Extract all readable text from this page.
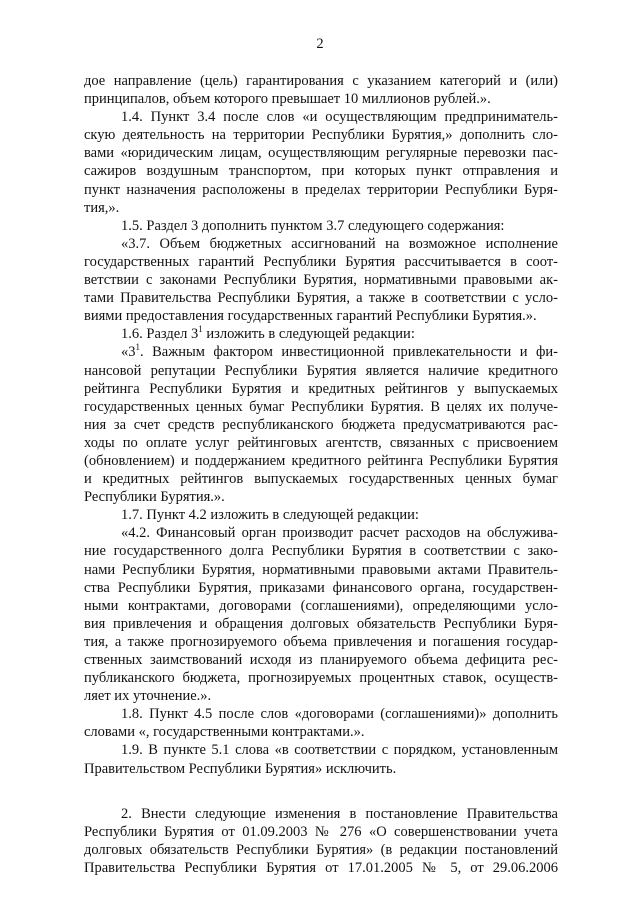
2
дое направление (цель) гарантирования с указанием категорий и (или)
принципалов, объем которого превышает 10 миллионов рублей.».
1.4. Пункт 3.4 после слов «и осуществляющим предприниматель-
скую деятельность на территории Республики Бурятия,» дополнить сло-
вами «юридическим лицам, осуществляющим регулярные перевозки пас-
сажиров воздушным транспортом, при которых пункт отправления и
пункт назначения расположены в пределах территории Республики Буря-
тия,».
1.5. Раздел 3 дополнить пунктом 3.7 следующего содержания:
«3.7. Объем бюджетных ассигнований на возможное исполнение
государственных гарантий Республики Бурятия рассчитывается в соот-
ветствии с законами Республики Бурятия, нормативными правовыми ак-
тами Правительства Республики Бурятия, а также в соответствии с усло-
виями предоставления государственных гарантий Республики Бурятия.».
1.6. Раздел $3^1$ изложить в следующей редакции:
«$3^1$. Важным фактором инвестиционной привлекательности и фи-
нансовой репутации Республики Бурятия является наличие кредитного
рейтинга Республики Бурятия и кредитных рейтингов у выпускаемых
государственных ценных бумаг Республики Бурятия. В целях их получе-
ния за счет средств республиканского бюджета предусматриваются рас-
ходы по оплате услуг рейтинговых агентств, связанных с присвоением
(обновлением) и поддержанием кредитного рейтинга Республики Бурятия
и кредитных рейтингов выпускаемых государственных ценных бумаг
Республики Бурятия.».
1.7. Пункт 4.2 изложить в следующей редакции:
«4.2. Финансовый орган производит расчет расходов на обслужива-
ние государственного долга Республики Бурятия в соответствии с зако-
нами Республики Бурятия, нормативными правовыми актами Правитель-
ства Республики Бурятия, приказами финансового органа, государствен-
ными контрактами, договорами (соглашениями), определяющими усло-
вия привлечения и обращения долговых обязательств Республики Буря-
тия, а также прогнозируемого объема привлечения и погашения государ-
ственных заимствований исходя из планируемого объема дефицита рес-
публиканского бюджета, прогнозируемых процентных ставок, осуществ-
ляет их уточнение.».
1.8. Пункт 4.5 после слов «договорами (соглашениями)» дополнить
словами «, государственными контрактами.».
1.9. В пункте 5.1 слова «в соответствии с порядком, установленным
Правительством Республики Бурятия» исключить.
2. Внести следующие изменения в постановление Правительства
Республики Бурятия от 01.09.2003 № 276 «О совершенствовании учета
долговых обязательств Республики Бурятия» (в редакции постановлений
Правительства Республики Бурятия от 17.01.2005 № 5, от 29.06.2006
